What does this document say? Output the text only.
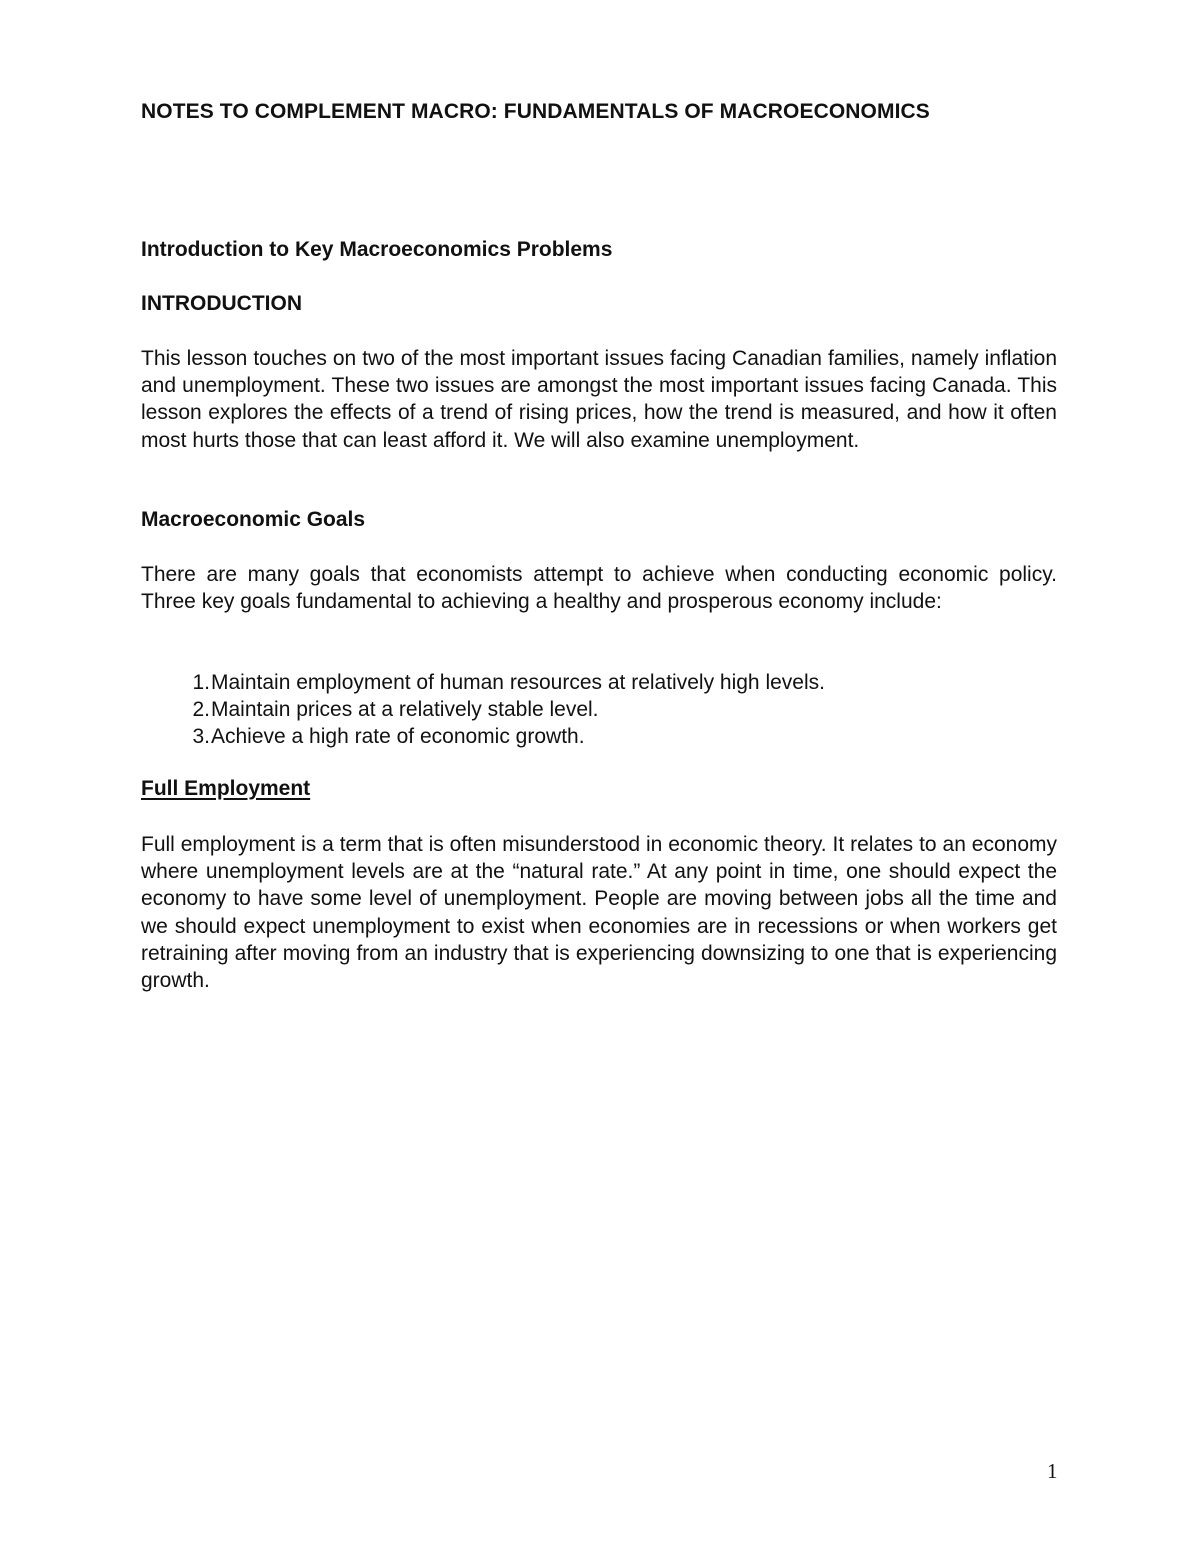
NOTES TO COMPLEMENT MACRO: FUNDAMENTALS OF MACROECONOMICS
Introduction to Key Macroeconomics Problems
INTRODUCTION

This lesson touches on two of the most important issues facing Canadian families, namely inflation and unemployment. These two issues are amongst the most important issues facing Canada. This lesson explores the effects of a trend of rising prices, how the trend is measured, and how it often most hurts those that can least afford it. We will also examine unemployment.

Macroeconomic Goals

There are many goals that economists attempt to achieve when conducting economic policy. Three key goals fundamental to achieving a healthy and prosperous economy include:

1. Maintain employment of human resources at relatively high levels.
2. Maintain prices at a relatively stable level.
3. Achieve a high rate of economic growth.
Full Employment

Full employment is a term that is often misunderstood in economic theory. It relates to an economy where unemployment levels are at the “natural rate.” At any point in time, one should expect the economy to have some level of unemployment. People are moving between jobs all the time and we should expect unemployment to exist when economies are in recessions or when workers get retraining after moving from an industry that is experiencing downsizing to one that is experiencing growth.

1
